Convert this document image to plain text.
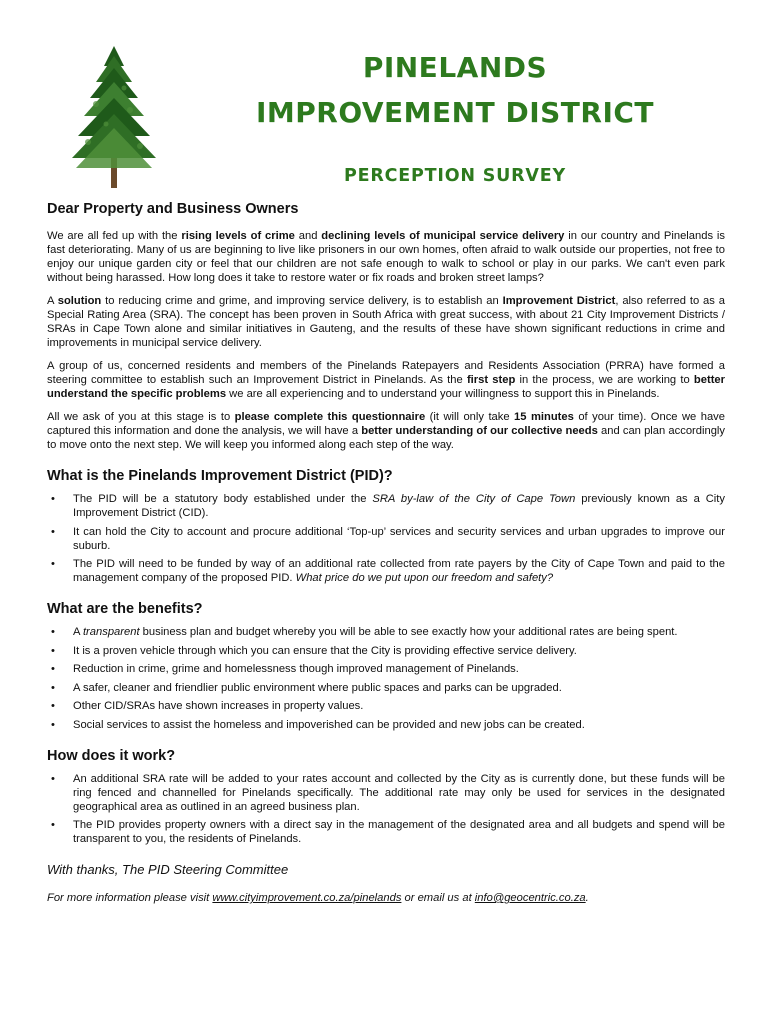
PINELANDS
IMPROVEMENT DISTRICT
PERCEPTION SURVEY
Dear Property and Business Owners

We are all fed up with the rising levels of crime and declining levels of municipal service delivery in our country and Pinelands is fast deteriorating. Many of us are beginning to live like prisoners in our own homes, often afraid to walk outside our properties, not free to enjoy our unique garden city or feel that our children are not safe enough to walk to school or play in our parks. We can't even park without being harassed. How long does it take to restore water or fix roads and broken street lamps?

A solution to reducing crime and grime, and improving service delivery, is to establish an Improvement District, also referred to as a Special Rating Area (SRA). The concept has been proven in South Africa with great success, with about 21 City Improvement Districts / SRAs in Cape Town alone and similar initiatives in Gauteng, and the results of these have shown significant reductions in crime and improvements in municipal service delivery.

A group of us, concerned residents and members of the Pinelands Ratepayers and Residents Association (PRRA) have formed a steering committee to establish such an Improvement District in Pinelands. As the first step in the process, we are working to better understand the specific problems we are all experiencing and to understand your willingness to support this in Pinelands.

All we ask of you at this stage is to please complete this questionnaire (it will only take 15 minutes of your time). Once we have captured this information and done the analysis, we will have a better understanding of our collective needs and can plan accordingly to move onto the next step. We will keep you informed along each step of the way.

What is the Pinelands Improvement District (PID)?
•	The PID will be a statutory body established under the SRA by-law of the City of Cape Town previously known as a City Improvement District (CID).
•	It can hold the City to account and procure additional ‘Top-up’ services and security services and urban upgrades to improve our suburb.
•	The PID will need to be funded by way of an additional rate collected from rate payers by the City of Cape Town and paid to the management company of the proposed PID. What price do we put upon our freedom and safety?
What are the benefits?
•	A transparent business plan and budget whereby you will be able to see exactly how your additional rates are being spent.
•	It is a proven vehicle through which you can ensure that the City is providing effective service delivery.
•	Reduction in crime, grime and homelessness though improved management of Pinelands.
•	A safer, cleaner and friendlier public environment where public spaces and parks can be upgraded.
•	Other CID/SRAs have shown increases in property values.
•	Social services to assist the homeless and impoverished can be provided and new jobs can be created.
How does it work?
•	An additional SRA rate will be added to your rates account and collected by the City as is currently done, but these funds will be ring fenced and channelled for Pinelands specifically. The additional rate may only be used for services in the designated geographical area as outlined in an agreed business plan.
•	The PID provides property owners with a direct say in the management of the designated area and all budgets and spend will be transparent to you, the residents of Pinelands.
With thanks, The PID Steering Committee
For more information please visit www.cityimprovement.co.za/pinelands or email us at info@geocentric.co.za.
